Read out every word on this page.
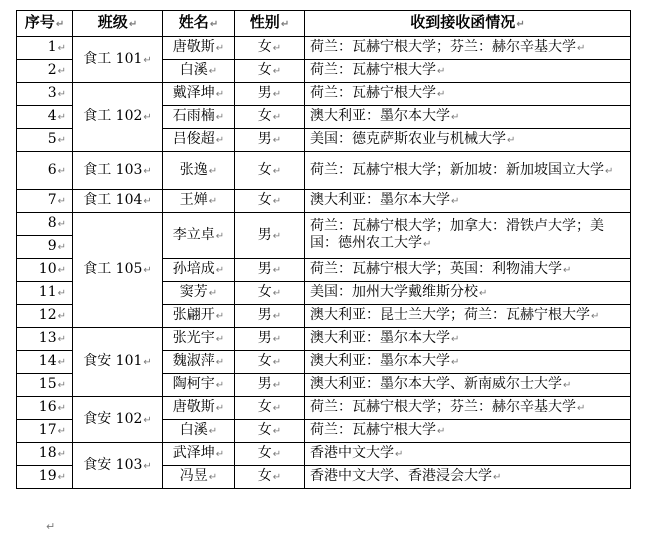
序号↵	班级↵	姓名↵	性别↵	收到接收函情况↵
1↵	食工 101↵	唐敬斯↵	女↵	荷兰：瓦赫宁根大学；芬兰：赫尔辛基大学↵
2↵		白溪↵	女↵	荷兰：瓦赫宁根大学↵
3↵	食工 102↵	戴泽坤↵	男↵	荷兰：瓦赫宁根大学↵
4↵		石雨楠↵	女↵	澳大利亚：墨尔本大学↵
5↵		吕俊超↵	男↵	美国：德克萨斯农业与机械大学↵
6↵	食工 103↵	张逸↵	女↵	荷兰：瓦赫宁根大学；新加坡：新加坡国立大学↵
7↵	食工 104↵	王婵↵	女↵	澳大利亚：墨尔本大学↵
8↵	食工 105↵	李立卓↵	男↵	荷兰：瓦赫宁根大学；加拿大：滑铁卢大学；美国：德州农工大学↵
9↵				
10↵		孙培成↵	男↵	荷兰：瓦赫宁根大学；英国：利物浦大学↵
11↵		窦芳↵	女↵	美国：加州大学戴维斯分校↵
12↵		张翩开↵	男↵	澳大利亚：昆士兰大学；荷兰：瓦赫宁根大学↵
13↵	食安 101↵	张光宇↵	男↵	澳大利亚：墨尔本大学↵
14↵		魏淑萍↵	女↵	澳大利亚：墨尔本大学↵
15↵		陶柯宇↵	男↵	澳大利亚：墨尔本大学、新南威尔士大学↵
16↵	食安 102↵	唐敬斯↵	女↵	荷兰：瓦赫宁根大学；芬兰：赫尔辛基大学↵
17↵		白溪↵	女↵	荷兰：瓦赫宁根大学↵
18↵	食安 103↵	武泽坤↵	女↵	香港中文大学↵
19↵		冯昱↵	女↵	香港中文大学、香港浸会大学↵
↵
